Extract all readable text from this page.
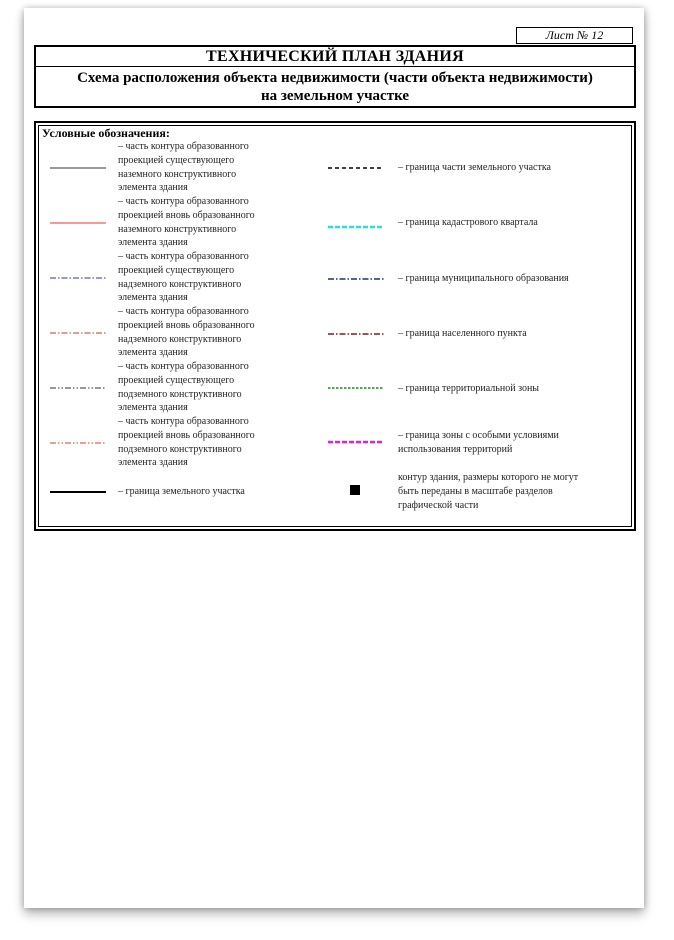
Лист № 12
ТЕХНИЧЕСКИЙ ПЛАН ЗДАНИЯ
Схема расположения объекта недвижимости (части объекта недвижимости)
на земельном участке
Условные обозначения:
– часть контура образованного
проекцией существующего
наземного конструктивного
элемента здания
– часть контура образованного
проекцией вновь образованного
наземного конструктивного
элемента здания
– часть контура образованного
проекцией существующего
надземного конструктивного
элемента здания
– часть контура образованного
проекцией вновь образованного
надземного конструктивного
элемента здания
– часть контура образованного
проекцией существующего
подземного конструктивного
элемента здания
– часть контура образованного
проекцией вновь образованного
подземного конструктивного
элемента здания
– граница земельного участка
– граница части земельного участка
– граница кадастрового квартала
– граница муниципального образования
– граница населенного пункта
– граница территориальной зоны
– граница зоны с особыми условиями
использования территорий
контур здания, размеры которого не могут
быть переданы в масштабе разделов
графической части
